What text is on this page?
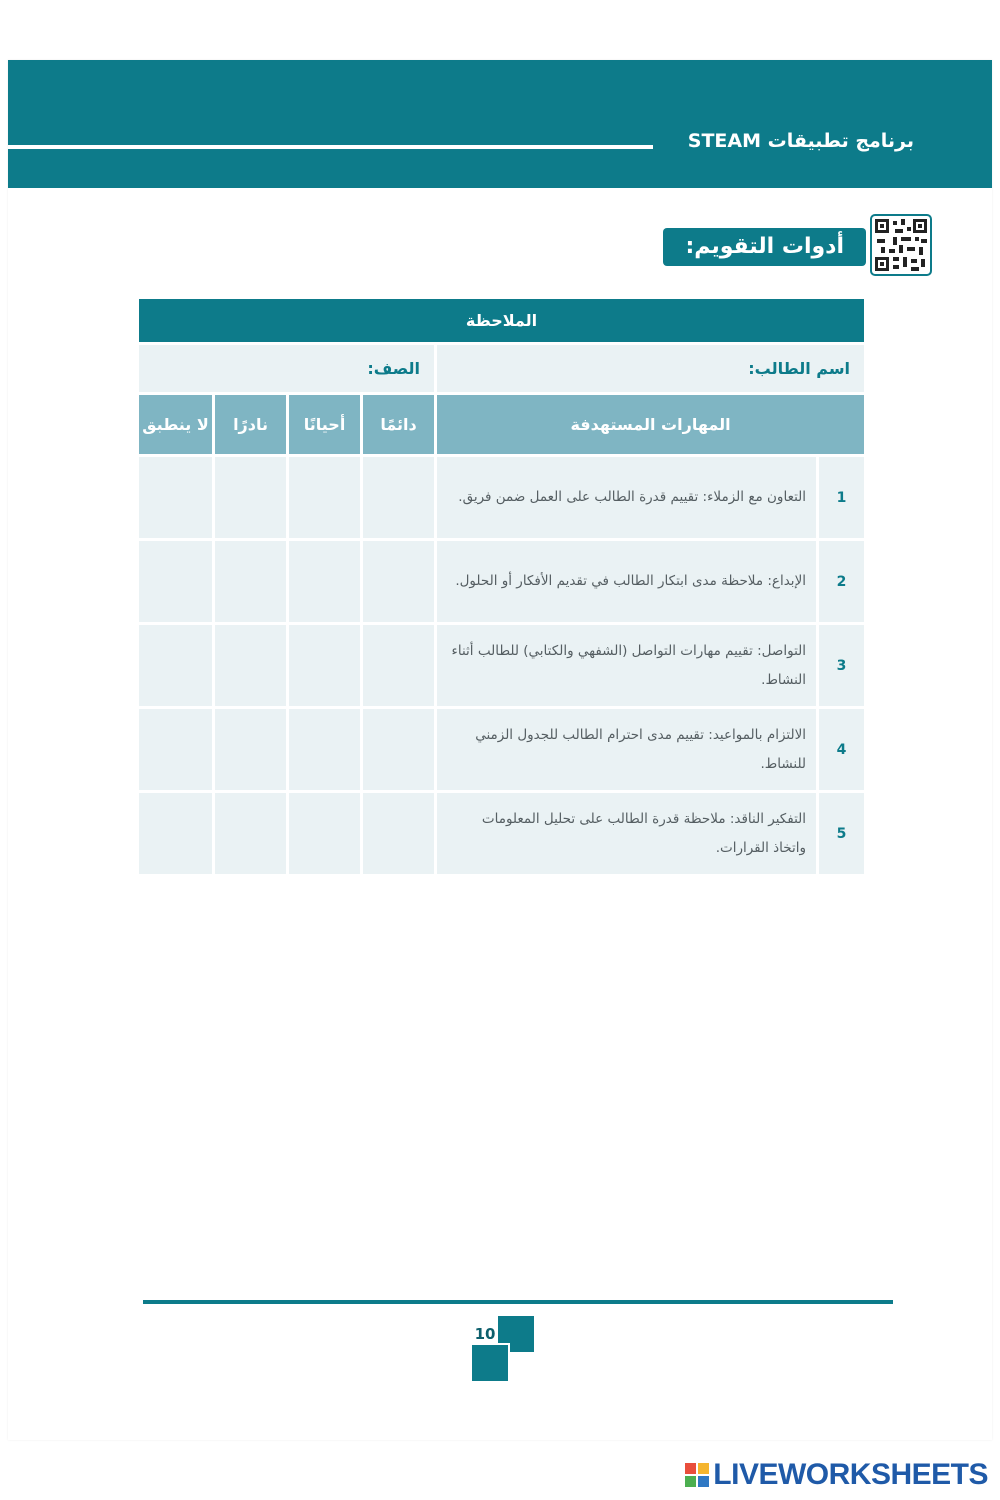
برنامج تطبيقات STEAM
أدوات التقويم:
الملاحظة					
اسم الطالب:		الصف:			
المهارات المستهدفة		دائمًا	أحيانًا	نادرًا	لا ينطبق
1	التعاون مع الزملاء: تقييم قدرة الطالب على العمل ضمن فريق.				
2	الإبداع: ملاحظة مدى ابتكار الطالب في تقديم الأفكار أو الحلول.				
3	التواصل: تقييم مهارات التواصل (الشفهي والكتابي) للطالب أثناء النشاط.				
4	الالتزام بالمواعيد: تقييم مدى احترام الطالب للجدول الزمني للنشاط.				
5	التفكير الناقد: ملاحظة قدرة الطالب على تحليل المعلومات واتخاذ القرارات.				
10
LIVEWORKSHEETS
